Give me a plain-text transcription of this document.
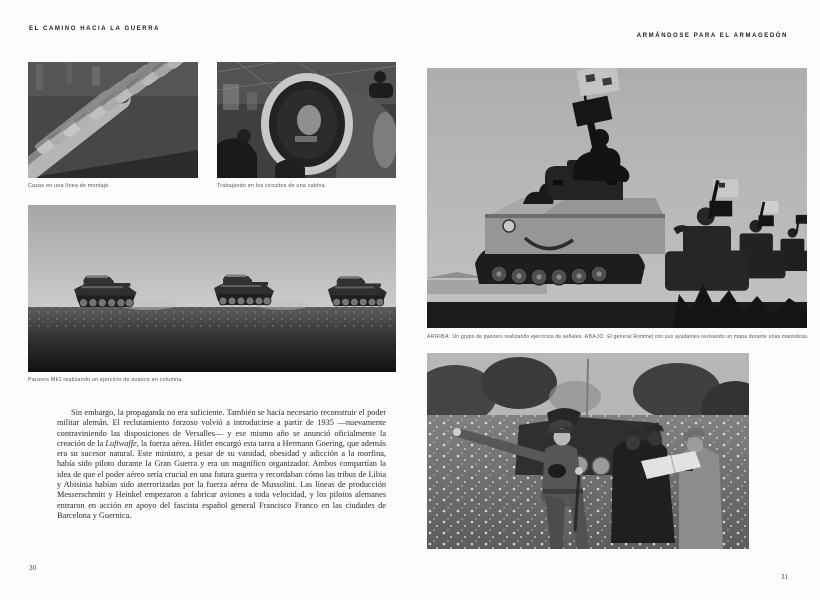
EL CAMINO HACIA LA GUERRA
Cazas en una línea de montaje.	Trabajando en los circuitos de una cabina.
Panzers Mk1 realizando un ejercicio de avance en columna.

Sin embargo, la propaganda no era suficiente. También se hacía necesario reconstruir el poder militar alemán. El reclutamiento forzoso volvió a introducirse a partir de 1935 —nuevamente contraviniendo las disposiciones de Versalles— y ese mismo año se anunció oficialmente la creación de la Luftwaffe, la fuerza aérea. Hitler encargó esta tarea a Hermann Goering, que además era su sucesor natural. Este ministro, a pesar de su vanidad, obesidad y adicción a la morfina, había sido piloto durante la Gran Guerra y era un magnífico organizador. Ambos compartían la idea de que el poder aéreo sería crucial en una futura guerra y recordaban cómo las tribus de Libia y Abisinia habían sido aterrorizadas por la fuerza aérea de Mussolini. Las líneas de producción Messerschmitt y Heinkel empezaron a fabricar aviones a toda velocidad, y los pilotos alemanes entraron en acción en apoyo del fascista español general Francisco Franco en las ciudades de Barcelona y Guernica.

30
ARMÁNDOSE PARA EL ARMAGEDÓN
31
ARRIBA: Un grupo de panzers realizando ejercicios de señales. ABAJO: El general Rommel con sus ayudantes revisando un mapa durante unas maniobras.
